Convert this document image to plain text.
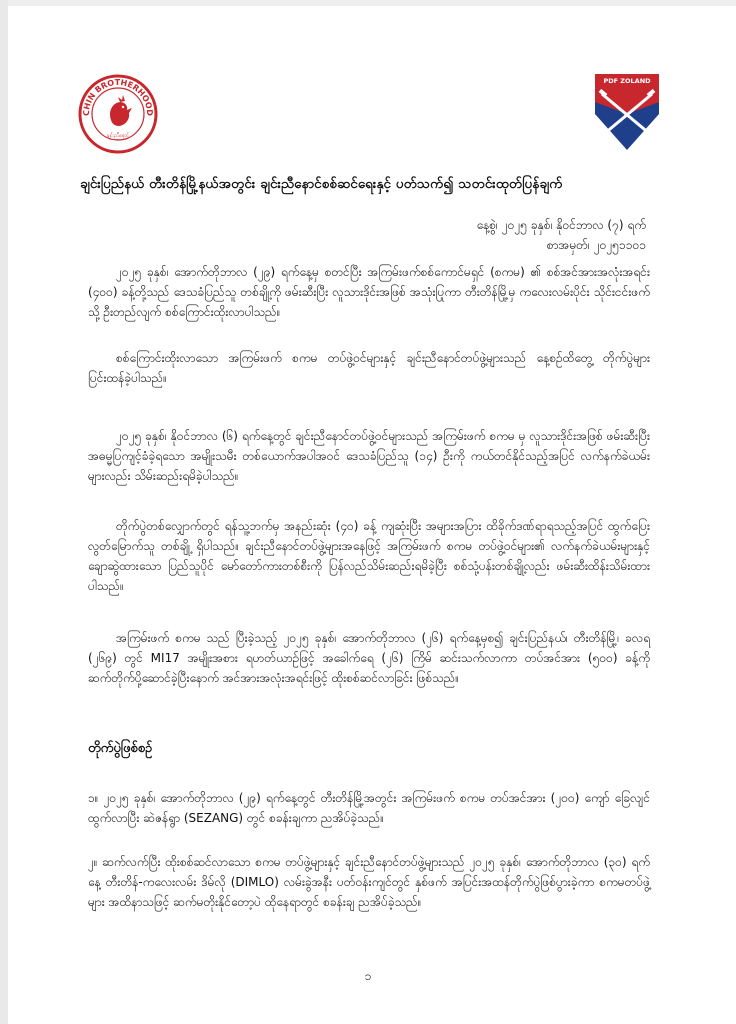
CHIN BROTHERHOOD
ချင်းညီနောင်
PDF ZOLAND
ချင်းပြည်နယ် တီးတိန်မြို့နယ်အတွင်း ချင်းညီနောင်စစ်ဆင်ရေးနှင့် ပတ်သက်၍ သတင်းထုတ်ပြန်ချက်
နေ့စွဲ၊ ၂၀၂၅ ခုနှစ်၊ နိုဝင်ဘာလ (၇) ရက်
စာအမှတ်၊ ၂၀၂၅၁၁၀၁

၂၀၂၅ ခုနှစ်၊ အောက်တိုဘာလ (၂၉) ရက်နေ့မှ စတင်ပြီး အကြမ်းဖက်စစ်ကောင်မရှင် (စကမ) ၏ စစ်အင်အားအလုံးအရင်း (၄၀၀) ခန့်တို့သည် ဒေသခံပြည်သူ တစ်ချို့ကို ဖမ်းဆီးပြီး လူသားဒိုင်းအဖြစ် အသုံးပြုကာ တီးတိန်မြို့မှ ကလေးလမ်းပိုင်း သိုင်းငင်းဖက်သို့ ဦးတည်လျက် စစ်ကြောင်းထိုးလာပါသည်။

စစ်ကြောင်းထိုးလာသော အကြမ်းဖက် စကမ တပ်ဖွဲ့ဝင်များနှင့် ချင်းညီနောင်တပ်ဖွဲ့များသည် နေ့စဉ်ထိတွေ့ တိုက်ပွဲများ ပြင်းထန်ခဲ့ပါသည်။

၂၀၂၅ ခုနှစ်၊ နိုဝင်ဘာလ (၆) ရက်နေ့တွင် ချင်းညီနောင်တပ်ဖွဲ့ဝင်များသည် အကြမ်းဖက် စကမ မှ လူသားဒိုင်းအဖြစ် ဖမ်းဆီးပြီး အဓမ္မပြကျင့်ခံခဲ့ရသော အမျိုးသမီး တစ်ယောက်အပါအဝင် ဒေသခံပြည်သူ (၁၄) ဦးကို ကယ်တင်နိုင်သည့်အပြင် လက်နက်ခဲယမ်းများလည်း သိမ်းဆည်းရမိခဲ့ပါသည်။

တိုက်ပွဲတစ်လျှောက်တွင် ရန်သူ့ဘက်မှ အနည်းဆုံး (၄၀) ခန့် ကျဆုံးပြီး အများအပြား ထိခိုက်ဒဏ်ရာရသည့်အပြင် ထွက်ပြေးလွတ်မြောက်သူ တစ်ချို့ ရှိပါသည်။ ချင်းညီနောင်တပ်ဖွဲ့များအနေဖြင့် အကြမ်းဖက် စကမ တပ်ဖွဲ့ဝင်များ၏ လက်နက်ခဲယမ်းများနှင့် ချောဆွဲထားသော ပြည်သူပိုင် မော်တော်ကားတစ်စီးကို ပြန်လည်သိမ်းဆည်းရမိခဲ့ပြီး စစ်သုံ့ပန်းတစ်ချို့လည်း ဖမ်းဆီးထိန်းသိမ်းထားပါသည်။

အကြမ်းဖက် စကမ သည် ပြီးခဲ့သည့် ၂၀၂၅ ခုနှစ်၊ အောက်တိုဘာလ (၂၆) ရက်နေ့မှစ၍ ချင်းပြည်နယ်၊ တီးတိန်မြို့၊ ခလရ (၂၆၉) တွင် MI17 အမျိုးအစား ရဟတ်ယာဉ်ဖြင့် အခေါက်ရေ (၂၆) ကြိမ် ဆင်းသက်လာကာ တပ်အင်အား (၅၀၀) ခန့်ကို ဆက်တိုက်ပို့ဆောင်ခဲ့ပြီးနောက် အင်အားအလုံးအရင်းဖြင့် ထိုးစစ်ဆင်လာခြင်း ဖြစ်သည်။

တိုက်ပွဲဖြစ်စဉ်

၁။ ၂၀၂၅ ခုနှစ်၊ အောက်တိုဘာလ (၂၉) ရက်နေ့တွင် တီးတိန်မြို့အတွင်း အကြမ်းဖက် စကမ တပ်အင်အား (၂၀၀) ကျော် ခြေလျင်ထွက်လာပြီး ဆဲဇန်ရွာ (SEZANG) တွင် စခန်းချကာ ညအိပ်ခဲ့သည်။

၂။ ဆက်လက်ပြီး ထိုးစစ်ဆင်လာသော စကမ တပ်ဖွဲ့များနှင့် ချင်းညီနောင်တပ်ဖွဲ့များသည် ၂၀၂၅ ခုနှစ်၊ အောက်တိုဘာလ (၃၀) ရက်နေ့ တီးတိန်-ကလေးလမ်း ဒိမ်လို (DIMLO) လမ်းခွဲအနီး ပတ်ဝန်းကျင်တွင် နှစ်ဖက် အပြင်းအထန်တိုက်ပွဲဖြစ်ပွားခဲ့ကာ စကမတပ်ဖွဲ့များ အထိနာသဖြင့် ဆက်မတိုးနိုင်တော့ပဲ ထိုနေရာတွင် စခန်းချ ညအိပ်ခဲ့သည်။

၁
